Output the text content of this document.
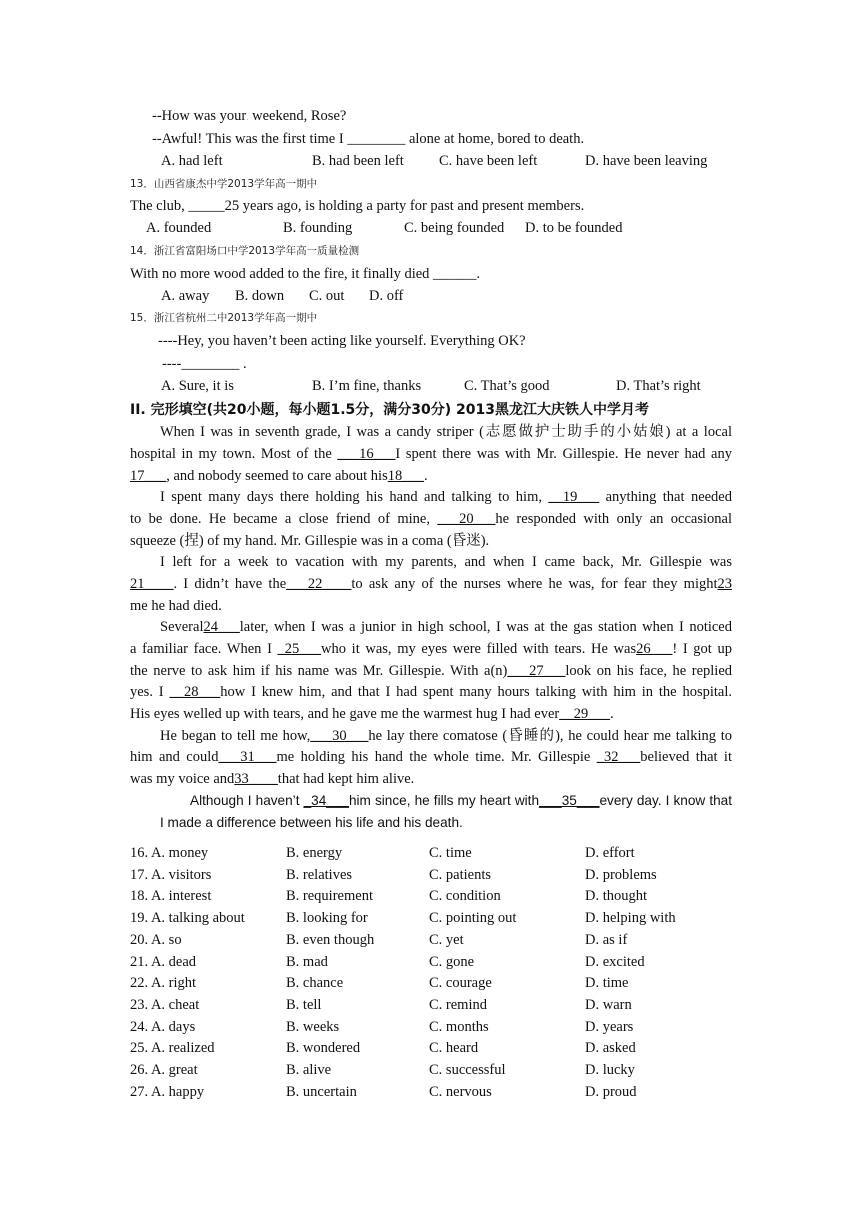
--How was your. weekend, Rose?
--Awful! This was the first time I ________ alone at home, bored to death.
A. had left	B. had been left C. have been left	D. have been leaving
13．山西省康杰中学2013学年高一期中
The club, _____25 years ago, is holding a party for past and present members.
A. founded	B. founding	C. being founded D. to be founded
14．浙江省富阳场口中学2013学年高一质量检测
With no more wood added to the fire, it finally died ______.
A. away B. down C. out D. off
15．浙江省杭州二中2013学年高一期中
----Hey, you haven’t been acting like yourself. Everything OK?
----________ .
A. Sure, it is	B. I’m fine, thanks	C. That’s good	D. That’s right
II. 完形填空(共20小题，每小题1.5分，满分30分) 2013黑龙江大庆铁人中学月考
When I was in seventh grade, I was a candy striper (志愿做护士助手的小姑娘) at a local
hospital in my town. Most of the ___16___I spent there was with Mr. Gillespie. He never had any
17___, and nobody seemed to care about his18___.
I spent many days there holding his hand and talking to him, __19___ anything that needed
to be done. He became a close friend of mine, ___20___he responded with only an occasional
squeeze (捏) of my hand. Mr. Gillespie was in a coma (昏迷).
I left for a week to vacation with my parents, and when I came back, Mr. Gillespie was
21____. I didn’t have the___22____to ask any of the nurses where he was, for fear they might23
me he had died.
Several24___later, when I was a junior in high school, I was at the gas station when I noticed
a familiar face. When I _25___who it was, my eyes were filled with tears. He was26___! I got up
the nerve to ask him if his name was Mr. Gillespie. With a(n)___27___look on his face, he replied
yes. I __28___how I knew him, and that I had spent many hours talking with him in the hospital.
His eyes welled up with tears, and he gave me the warmest hug I had ever__29___.
He began to tell me how,___30___he lay there comatose (昏睡的), he could hear me talking to
him and could___31___me holding his hand the whole time. Mr. Gillespie _32___believed that it
was my voice and33____that had kept him alive.
Although I haven’t _34___him since, he fills my heart with___35___every day. I know that
I made a difference between his life and his death.
16. A. money	B. energy	C. time	D. effort
17. A. visitors	B. relatives	C. patients	D. problems
18. A. interest	B. requirement	C. condition	D. thought
19. A. talking about	B. looking for	C. pointing out	D. helping with
20. A. so	B. even though	C. yet	D. as if
21. A. dead	B. mad	C. gone	D. excited
22. A. right	B. chance	C. courage	D. time
23. A. cheat	B. tell	C. remind	D. warn
24. A. days	B. weeks	C. months	D. years
25. A. realized	B. wondered	C. heard	D. asked
26. A. great	B. alive	C. successful	D. lucky
27. A. happy	B. uncertain	C. nervous	D. proud
